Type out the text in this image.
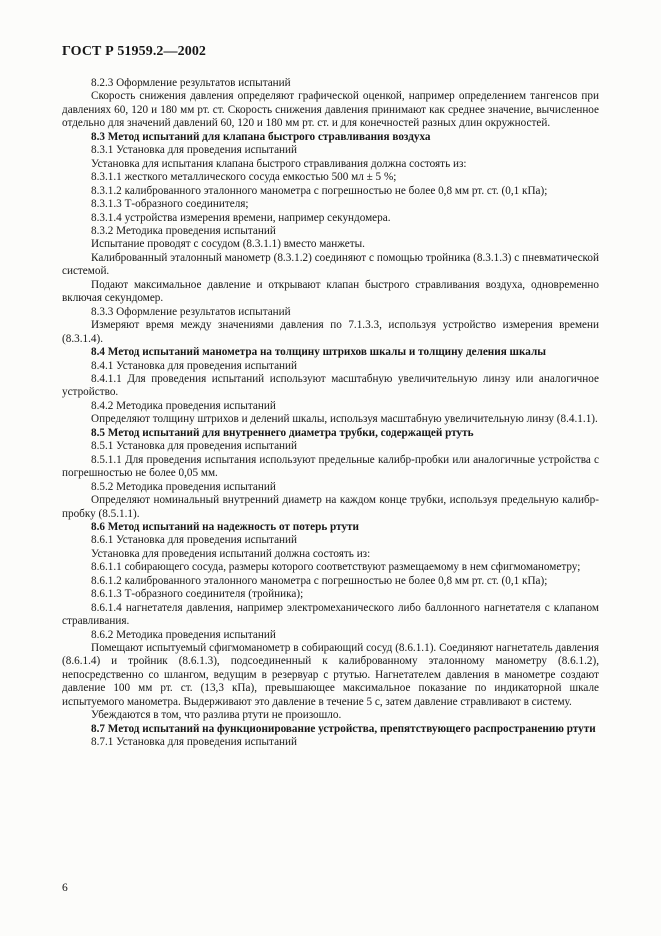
ГОСТ Р 51959.2—2002

8.2.3 Оформление результатов испытаний

Скорость снижения давления определяют графической оценкой, например определением тангенсов при давлениях 60, 120 и 180 мм рт. ст. Скорость снижения давления принимают как среднее значение, вычисленное отдельно для значений давлений 60, 120 и 180 мм рт. ст. и для конечностей разных длин окружностей.

8.3 Метод испытаний для клапана быстрого стравливания воздуха

8.3.1 Установка для проведения испытаний

Установка для испытания клапана быстрого стравливания должна состоять из:

8.3.1.1 жесткого металлического сосуда емкостью 500 мл ± 5 %;

8.3.1.2 калиброванного эталонного манометра с погрешностью не более 0,8 мм рт. ст. (0,1 кПа);

8.3.1.3 Т-образного соединителя;

8.3.1.4 устройства измерения времени, например секундомера.

8.3.2 Методика проведения испытаний

Испытание проводят с сосудом (8.3.1.1) вместо манжеты.

Калиброванный эталонный манометр (8.3.1.2) соединяют с помощью тройника (8.3.1.3) с пневматической системой.

Подают максимальное давление и открывают клапан быстрого стравливания воздуха, одновременно включая секундомер.

8.3.3 Оформление результатов испытаний

Измеряют время между значениями давления по 7.1.3.3, используя устройство измерения времени (8.3.1.4).

8.4 Метод испытаний манометра на толщину штрихов шкалы и толщину деления шкалы

8.4.1 Установка для проведения испытаний

8.4.1.1 Для проведения испытаний используют масштабную увеличительную линзу или аналогичное устройство.

8.4.2 Методика проведения испытаний

Определяют толщину штрихов и делений шкалы, используя масштабную увеличительную линзу (8.4.1.1).

8.5 Метод испытаний для внутреннего диаметра трубки, содержащей ртуть

8.5.1 Установка для проведения испытаний

8.5.1.1 Для проведения испытания используют предельные калибр-пробки или аналогичные устройства с погрешностью не более 0,05 мм.

8.5.2 Методика проведения испытаний

Определяют номинальный внутренний диаметр на каждом конце трубки, используя предельную калибр-пробку (8.5.1.1).

8.6 Метод испытаний на надежность от потерь ртути

8.6.1 Установка для проведения испытаний

Установка для проведения испытаний должна состоять из:

8.6.1.1 собирающего сосуда, размеры которого соответствуют размещаемому в нем сфигмоманометру;

8.6.1.2 калиброванного эталонного манометра с погрешностью не более 0,8 мм рт. ст. (0,1 кПа);

8.6.1.3 Т-образного соединителя (тройника);

8.6.1.4 нагнетателя давления, например электромеханического либо баллонного нагнетателя с клапаном стравливания.

8.6.2 Методика проведения испытаний

Помещают испытуемый сфигмоманометр в собирающий сосуд (8.6.1.1). Соединяют нагнетатель давления (8.6.1.4) и тройник (8.6.1.3), подсоединенный к калиброванному эталонному манометру (8.6.1.2), непосредственно со шлангом, ведущим в резервуар с ртутью. Нагнетателем давления в манометре создают давление 100 мм рт. ст. (13,3 кПа), превышающее максимальное показание по индикаторной шкале испытуемого манометра. Выдерживают это давление в течение 5 с, затем давление стравливают в систему.

Убеждаются в том, что разлива ртути не произошло.

8.7 Метод испытаний на функционирование устройства, препятствующего распространению ртути

8.7.1 Установка для проведения испытаний

6
